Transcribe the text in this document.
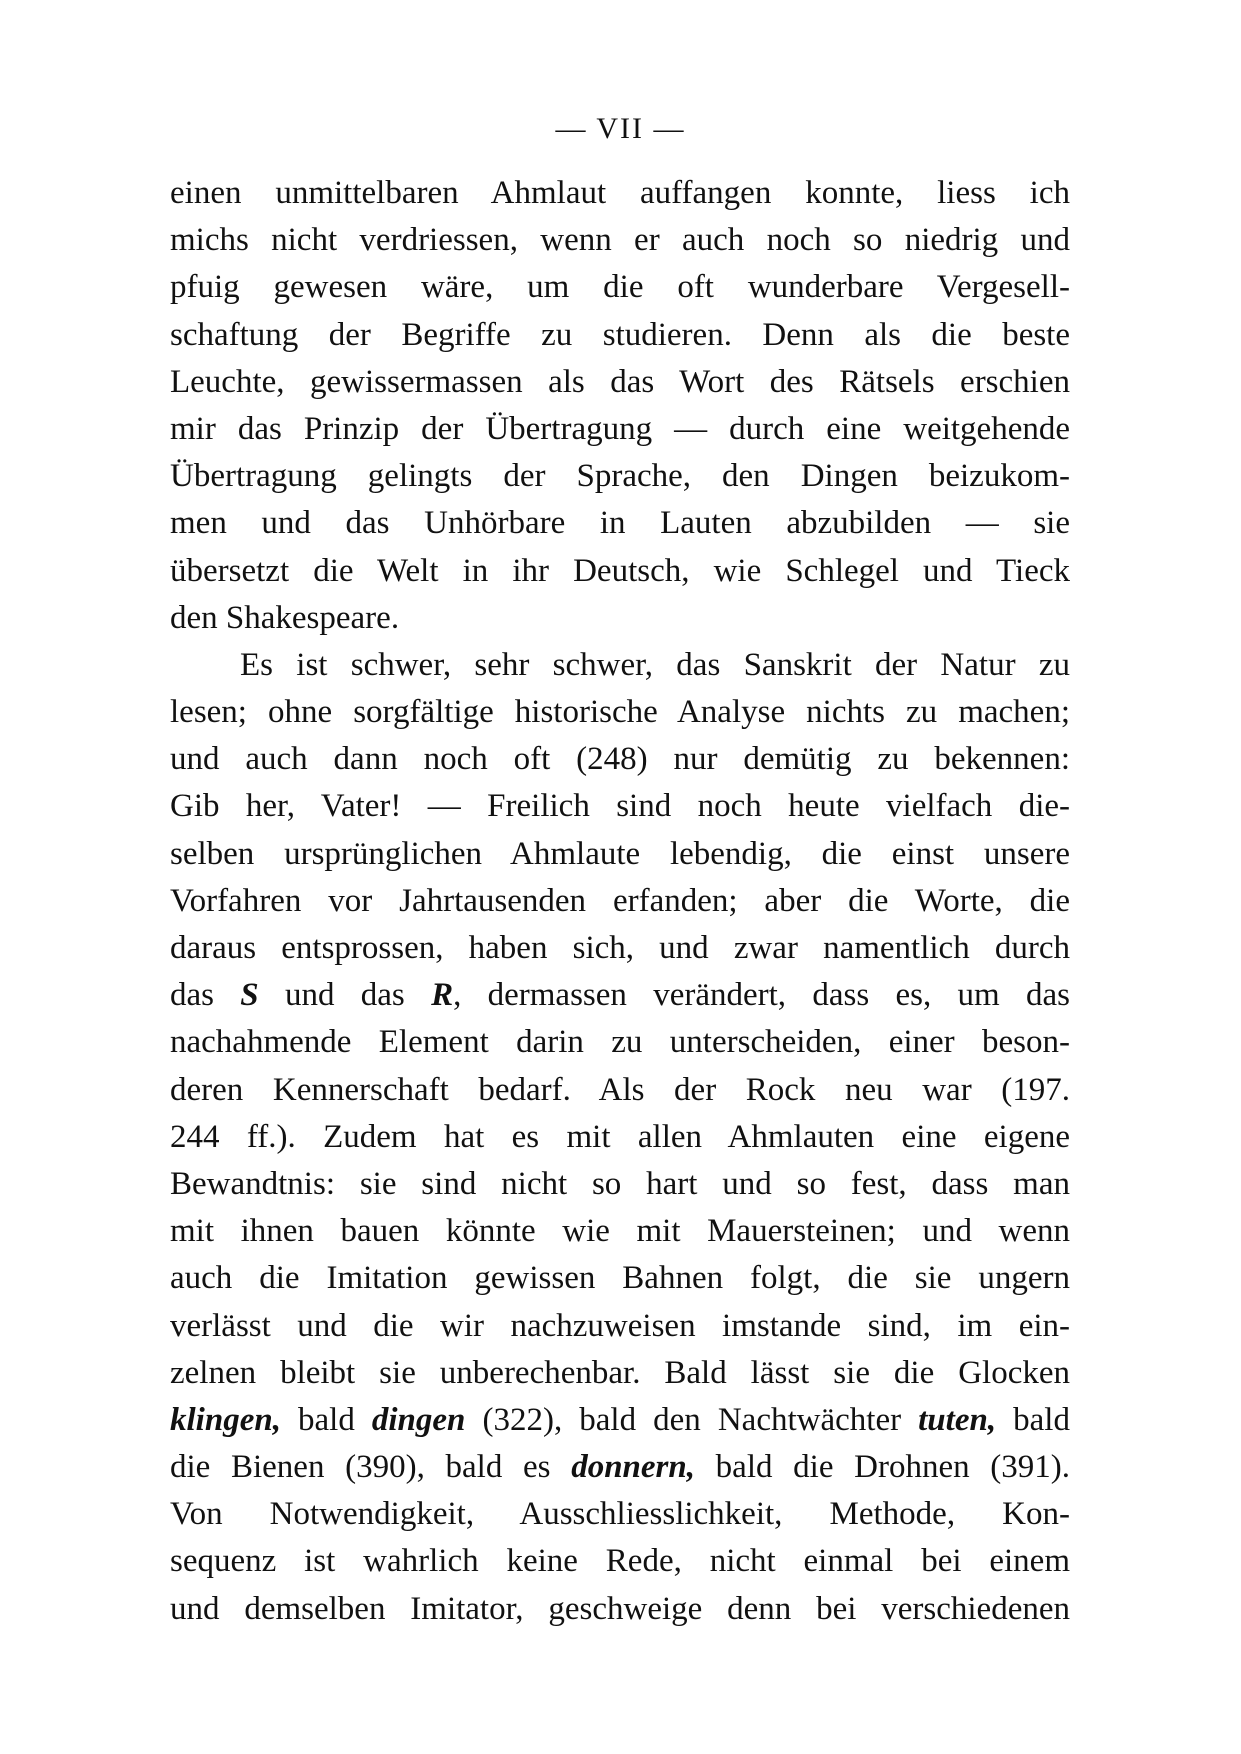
— VII —
einen unmittelbaren Ahmlaut auffangen konnte, liess ich
michs nicht verdriessen, wenn er auch noch so niedrig und
pfuig gewesen wäre, um die oft wunderbare Vergesell-
schaftung der Begriffe zu studieren. Denn als die beste
Leuchte, gewissermassen als das Wort des Rätsels erschien
mir das Prinzip der Übertragung — durch eine weitgehende
Übertragung gelingts der Sprache, den Dingen beizukom-
men und das Unhörbare in Lauten abzubilden — sie
übersetzt die Welt in ihr Deutsch, wie Schlegel und Tieck
den Shakespeare.
Es ist schwer, sehr schwer, das Sanskrit der Natur zu
lesen; ohne sorgfältige historische Analyse nichts zu machen;
und auch dann noch oft (248) nur demütig zu bekennen:
Gib her, Vater! — Freilich sind noch heute vielfach die-
selben ursprünglichen Ahmlaute lebendig, die einst unsere
Vorfahren vor Jahrtausenden erfanden; aber die Worte, die
daraus entsprossen, haben sich, und zwar namentlich durch
das S und das R, dermassen verändert, dass es, um das
nachahmende Element darin zu unterscheiden, einer beson-
deren Kennerschaft bedarf. Als der Rock neu war (197.
244 ff.). Zudem hat es mit allen Ahmlauten eine eigene
Bewandtnis: sie sind nicht so hart und so fest, dass man
mit ihnen bauen könnte wie mit Mauersteinen; und wenn
auch die Imitation gewissen Bahnen folgt, die sie ungern
verlässt und die wir nachzuweisen imstande sind, im ein-
zelnen bleibt sie unberechenbar. Bald lässt sie die Glocken
klingen, bald dingen (322), bald den Nachtwächter tuten, bald
die Bienen (390), bald es donnern, bald die Drohnen (391).
Von Notwendigkeit, Ausschliesslichkeit, Methode, Kon-
sequenz ist wahrlich keine Rede, nicht einmal bei einem
und demselben Imitator, geschweige denn bei verschiedenen
